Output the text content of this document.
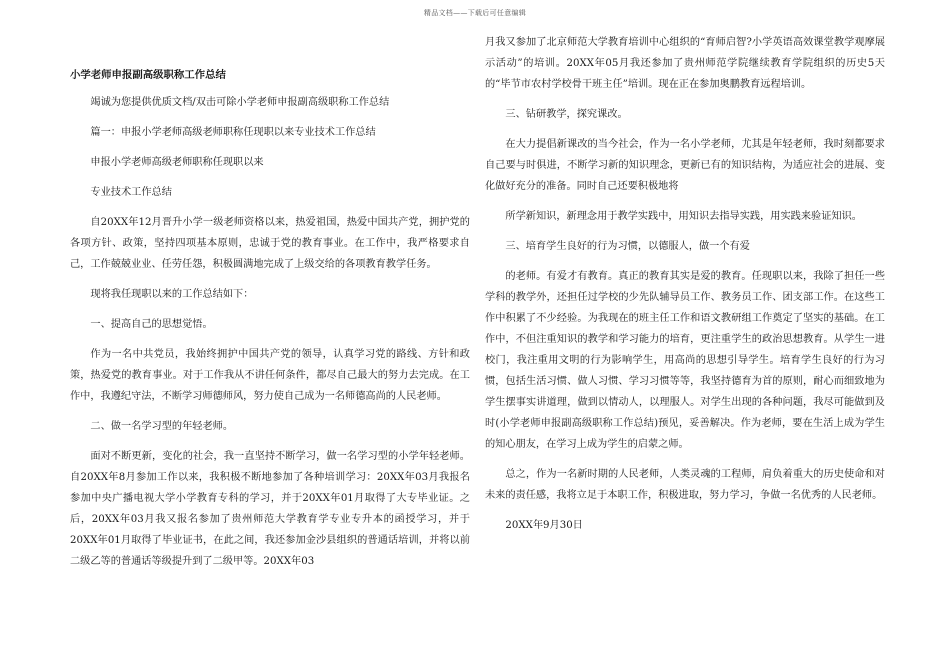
精品文档——下载后可任意编辑
小学老师申报副高级职称工作总结

竭诚为您提供优质文档/双击可除小学老师申报副高级职称工作总结

篇一：申报小学老师高级老师职称任现职以来专业技术工作总结

申报小学老师高级老师职称任现职以来

专业技术工作总结

自20XX年12月晋升小学一级老师资格以来，热爱祖国，热爱中国共产党，拥护党的各项方针、政策，坚持四项基本原则，忠诚于党的教育事业。在工作中，我严格要求自己，工作兢兢业业、任劳任怨，积极圆满地完成了上级交给的各项教育教学任务。

现将我任现职以来的工作总结如下：

一、提高自己的思想觉悟。

作为一名中共党员，我始终拥护中国共产党的领导，认真学习党的路线、方针和政策，热爱党的教育事业。对于工作我从不讲任何条件，都尽自己最大的努力去完成。在工作中，我遵纪守法，不断学习师德师风，努力使自己成为一名师德高尚的人民老师。

二、做一名学习型的年轻老师。

面对不断更新，变化的社会，我一直坚持不断学习，做一名学习型的小学年轻老师。自20XX年8月参加工作以来，我积极不断地参加了各种培训学习：20XX年03月我报名参加中央广播电视大学小学教育专科的学习，并于20XX年01月取得了大专毕业证。之后，20XX年03月我又报名参加了贵州师范大学教育学专业专升本的函授学习，并于20XX年01月取得了毕业证书，在此之间，我还参加金沙县组织的普通话培训，并将以前二级乙等的普通话等级提升到了二级甲等。20XX年03

月我又参加了北京师范大学教育培训中心组织的“育师启智?小学英语高效课堂教学观摩展示活动”的培训。20XX年05月我还参加了贵州师范学院继续教育学院组织的历史5天的“毕节市农村学校骨干班主任”培训。现在正在参加奥鹏教育远程培训。

三、钻研教学，探究课改。

在大力提倡新课改的当今社会，作为一名小学老师，尤其是年轻老师，我时刻都要求自己要与时俱进，不断学习新的知识理念，更新已有的知识结构，为适应社会的进展、变化做好充分的准备。同时自己还要积极地将

所学新知识，新理念用于教学实践中，用知识去指导实践，用实践来验证知识。

三、培育学生良好的行为习惯，以德服人，做一个有爱

的老师。有爱才有教育。真正的教育其实是爱的教育。任现职以来，我除了担任一些学科的教学外，还担任过学校的少先队辅导员工作、教务员工作、团支部工作。在这些工作中积累了不少经验。为我现在的班主任工作和语文教研组工作奠定了坚实的基础。在工作中，不但注重知识的教学和学习能力的培育，更注重学生的政治思想教育。从学生一进校门，我注重用文明的行为影响学生，用高尚的思想引导学生。培育学生良好的行为习惯，包括生活习惯、做人习惯、学习习惯等等，我坚持德育为首的原则，耐心而细致地为学生摆事实讲道理，做到以情动人，以理服人。对学生出现的各种问题，我尽可能做到及时(小学老师申报副高级职称工作总结)预见，妥善解决。作为老师，要在生活上成为学生的知心朋友，在学习上成为学生的启蒙之师。

总之，作为一名新时期的人民老师，人类灵魂的工程师，肩负着重大的历史使命和对未来的责任感，我将立足于本职工作，积极进取，努力学习，争做一名优秀的人民老师。

20XX年9月30日
